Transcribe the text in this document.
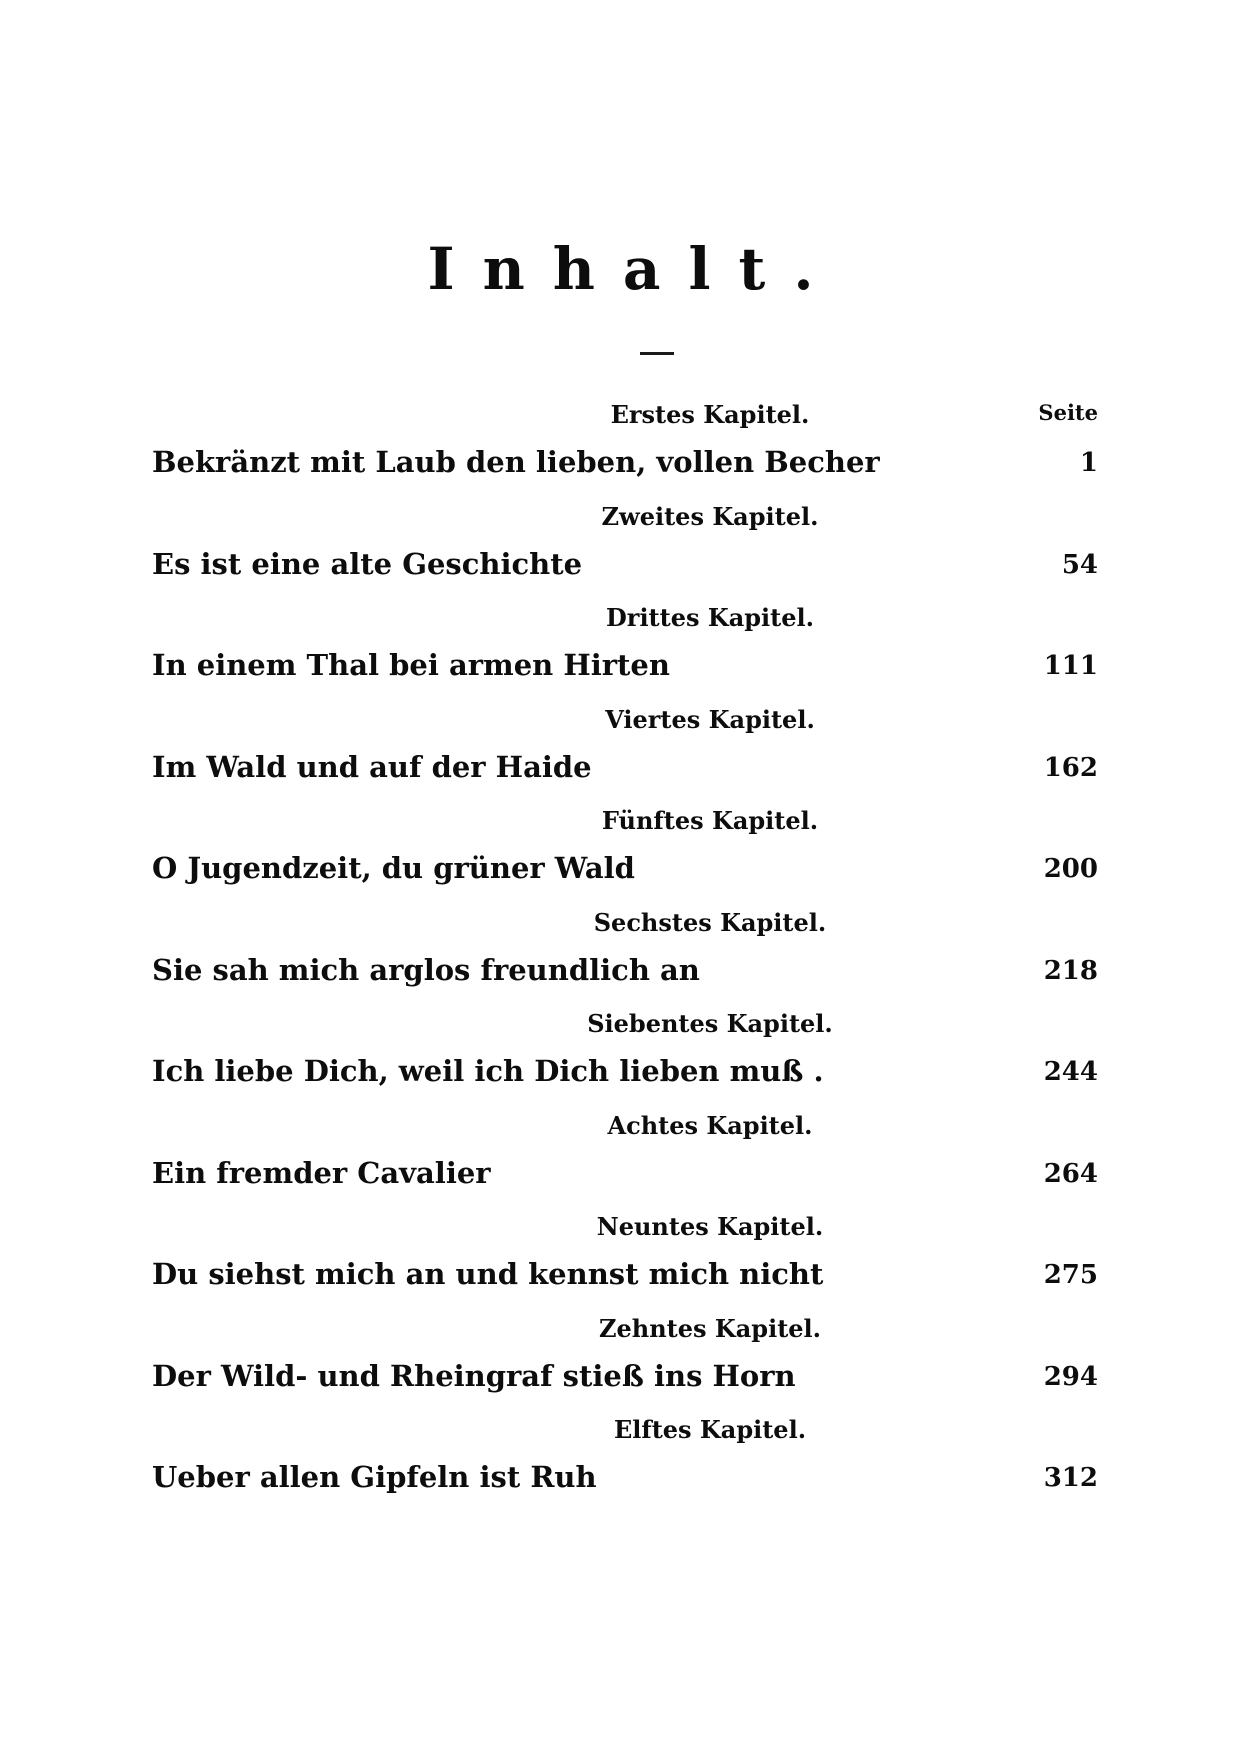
Inhalt.
Seite
Erstes Kapitel.
Bekränzt mit Laub den lieben, vollen Becher	1
Zweites Kapitel.
Es ist eine alte Geschichte	54
Drittes Kapitel.
In einem Thal bei armen Hirten	111
Viertes Kapitel.
Im Wald und auf der Haide	162
Fünftes Kapitel.
O Jugendzeit, du grüner Wald	200
Sechstes Kapitel.
Sie sah mich arglos freundlich an	218
Siebentes Kapitel.
Ich liebe Dich, weil ich Dich lieben muß .	244
Achtes Kapitel.
Ein fremder Cavalier	264
Neuntes Kapitel.
Du siehst mich an und kennst mich nicht	275
Zehntes Kapitel.
Der Wild- und Rheingraf stieß ins Horn	294
Elftes Kapitel.
Ueber allen Gipfeln ist Ruh	312
